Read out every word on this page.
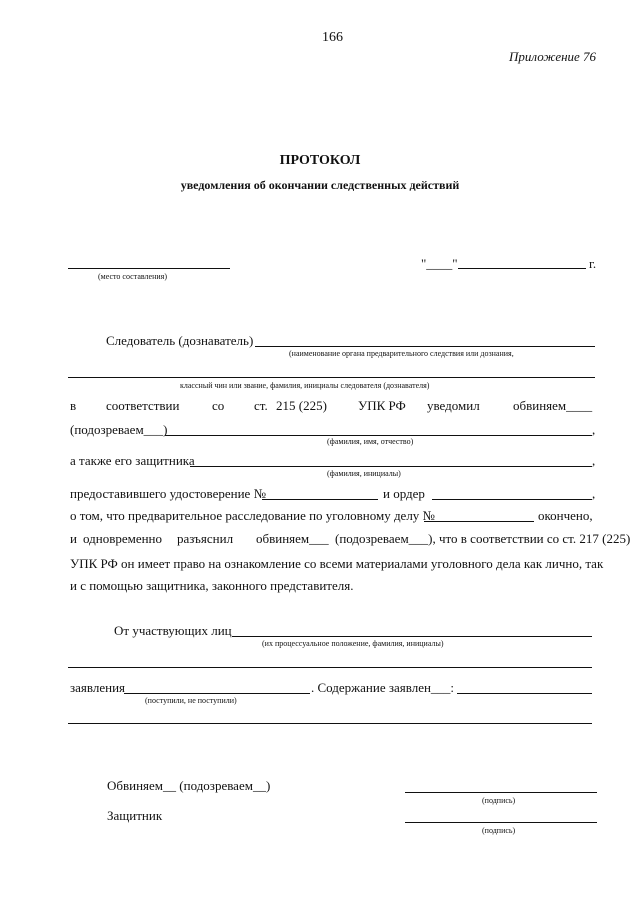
166
Приложение 76
ПРОТОКОЛ
уведомления об окончании следственных действий
(место составления)
"____"	г.
Следователь (дознаватель)
(наименование органа предварительного следствия или дознания,
классный чин или звание, фамилия, инициалы следователя (дознавателя)
в соответствии	со ст. 215 (225) УПК РФ уведомил	обвиняем____
(подозреваем___)	,
(фамилия, имя, отчество)
а также его защитника	,
(фамилия, инициалы)
предоставившего удостоверение №	и ордер	,
о том, что предварительное расследование по уголовному делу №	окончено,
и одновременно разъяснил обвиняем___ (подозреваем___), что в соответствии со ст. 217 (225)
УПК РФ он имеет право на ознакомление со всеми материалами уголовного дела как лично, так
и с помощью защитника, законного представителя.
От участвующих лиц
(их процессуальное положение, фамилия, инициалы)
заявления	. Содержание заявлен___:
(поступили, не поступили)
Обвиняем__ (подозреваем__)
(подпись)
Защитник
(подпись)
